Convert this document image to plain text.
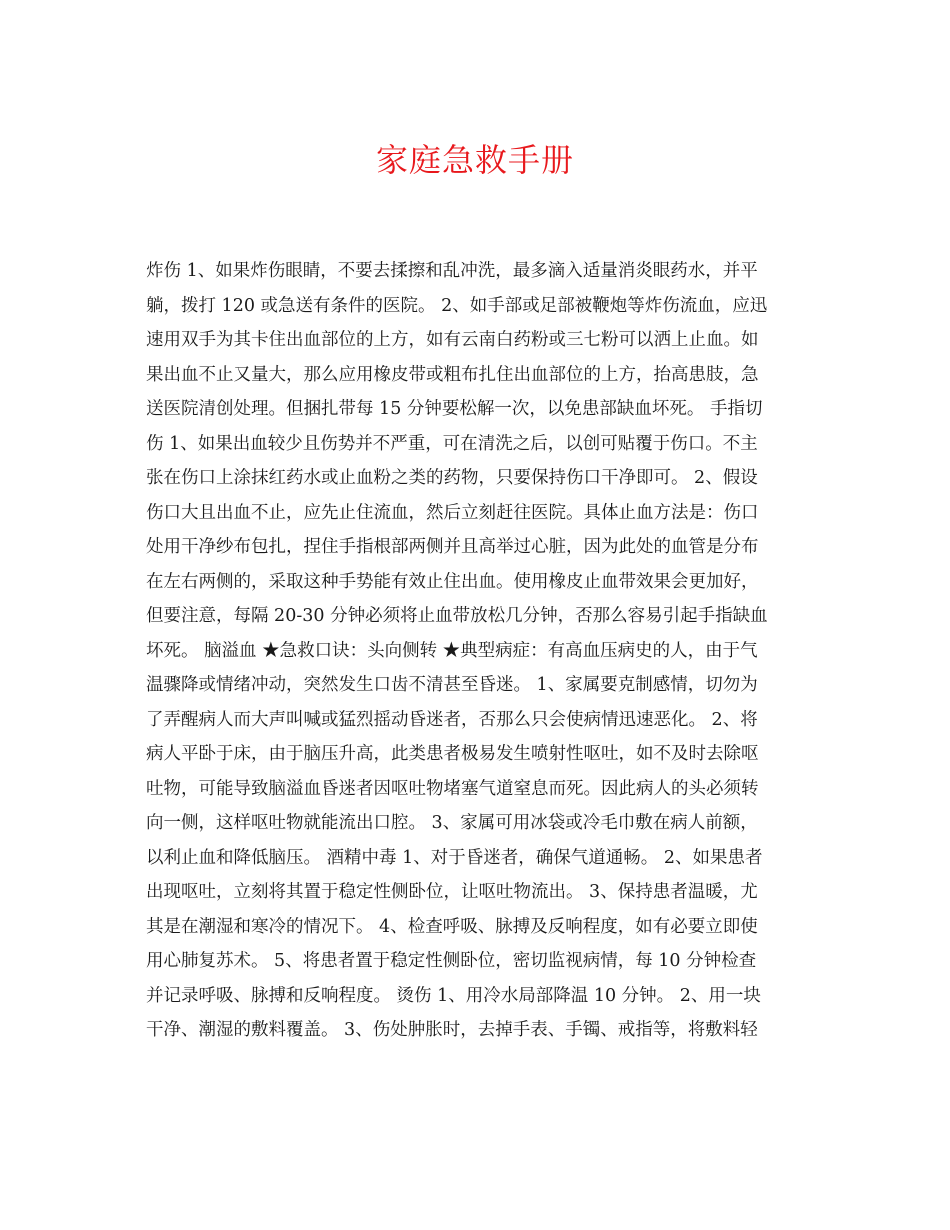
家庭急救手册
炸伤 1、如果炸伤眼睛，不要去揉擦和乱冲洗，最多滴入适量消炎眼药水，并平
躺，拨打 120 或急送有条件的医院。 2、如手部或足部被鞭炮等炸伤流血，应迅
速用双手为其卡住出血部位的上方，如有云南白药粉或三七粉可以洒上止血。如
果出血不止又量大，那么应用橡皮带或粗布扎住出血部位的上方，抬高患肢，急
送医院清创处理。但捆扎带每 15 分钟要松解一次，以免患部缺血坏死。 手指切
伤 1、如果出血较少且伤势并不严重，可在清洗之后，以创可贴覆于伤口。不主
张在伤口上涂抹红药水或止血粉之类的药物，只要保持伤口干净即可。 2、假设
伤口大且出血不止，应先止住流血，然后立刻赶往医院。具体止血方法是：伤口
处用干净纱布包扎，捏住手指根部两侧并且高举过心脏，因为此处的血管是分布
在左右两侧的，采取这种手势能有效止住出血。使用橡皮止血带效果会更加好，
但要注意，每隔 20-30 分钟必须将止血带放松几分钟，否那么容易引起手指缺血
坏死。 脑溢血 ★急救口诀：头向侧转 ★典型病症：有高血压病史的人，由于气
温骤降或情绪冲动，突然发生口齿不清甚至昏迷。 1、家属要克制感情，切勿为
了弄醒病人而大声叫喊或猛烈摇动昏迷者，否那么只会使病情迅速恶化。 2、将
病人平卧于床，由于脑压升高，此类患者极易发生喷射性呕吐，如不及时去除呕
吐物，可能导致脑溢血昏迷者因呕吐物堵塞气道窒息而死。因此病人的头必须转
向一侧，这样呕吐物就能流出口腔。 3、家属可用冰袋或冷毛巾敷在病人前额，
以利止血和降低脑压。 酒精中毒 1、对于昏迷者，确保气道通畅。 2、如果患者
出现呕吐，立刻将其置于稳定性侧卧位，让呕吐物流出。 3、保持患者温暖，尤
其是在潮湿和寒冷的情况下。 4、检查呼吸、脉搏及反响程度，如有必要立即使
用心肺复苏术。 5、将患者置于稳定性侧卧位，密切监视病情，每 10 分钟检查
并记录呼吸、脉搏和反响程度。 烫伤 1、用冷水局部降温 10 分钟。 2、用一块
干净、潮湿的敷料覆盖。 3、伤处肿胀时，去掉手表、手镯、戒指等，将敷料轻
